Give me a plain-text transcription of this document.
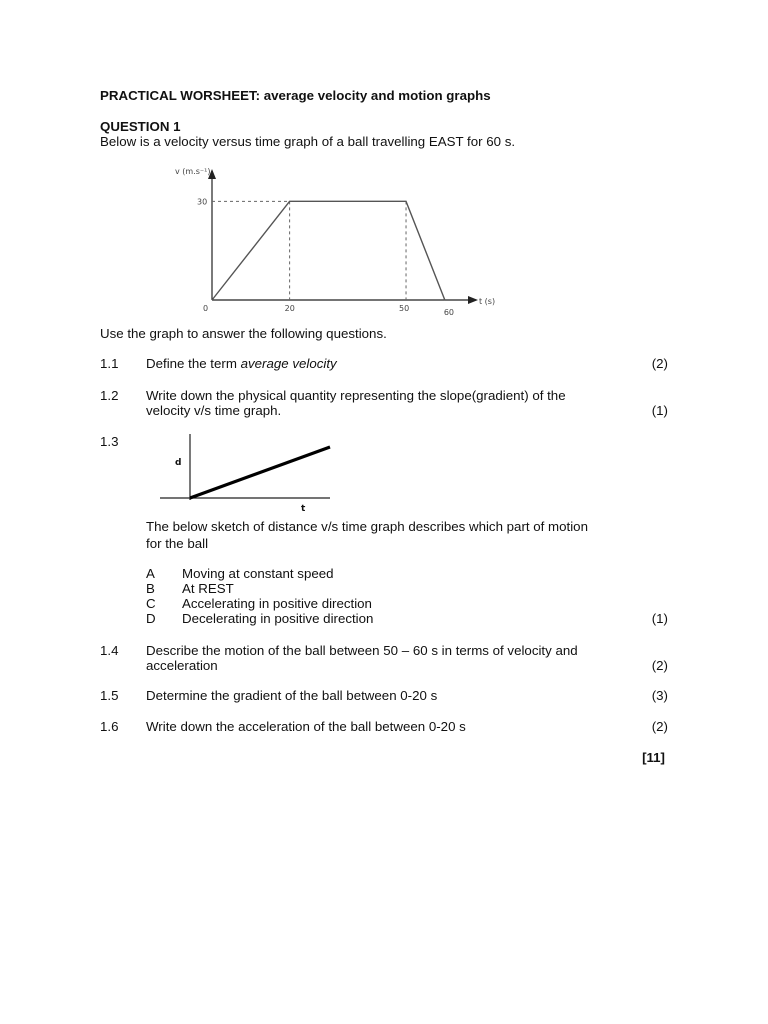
PRACTICAL WORSHEET: average velocity and motion graphs
QUESTION 1
Below is a velocity versus time graph of a ball travelling EAST for 60 s.
v (m.s⁻¹)
t (s)
0	20	50	60
30
Use the graph to answer the following questions.
1.1 Define the term average velocity	(2)
1.2 Write down the physical quantity representing the slope(gradient) of the
velocity v/s time graph.	(1)
1.3
d
t
The below sketch of distance v/s time graph describes which part of motion
for the ball
A Moving at constant speed
B At REST
C Accelerating in positive direction
D Decelerating in positive direction	(1)
1.4 Describe the motion of the ball between 50 – 60 s in terms of velocity and
acceleration	(2)
1.5 Determine the gradient of the ball between 0-20 s	(3)
1.6 Write down the acceleration of the ball between 0-20 s	(2)
[11]
